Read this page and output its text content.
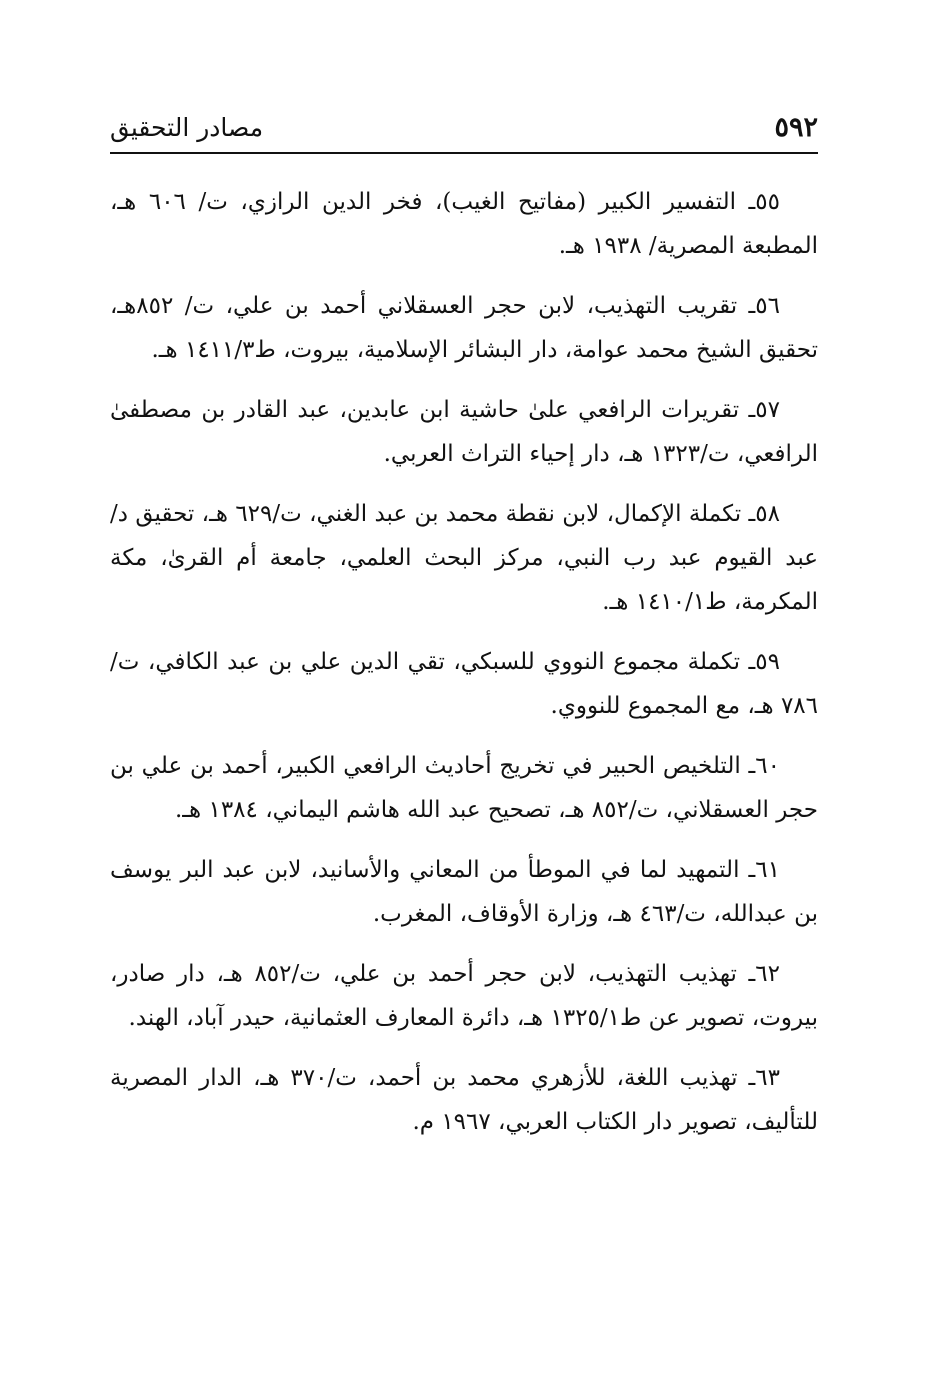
٥٩٢
مصادر التحقيق

٥٥ـ التفسير الكبير (مفاتيح الغيب)، فخر الدين الرازي، ت/ ٦٠٦ هـ، المطبعة المصرية/ ١٩٣٨ هـ.

٥٦ـ تقريب التهذيب، لابن حجر العسقلاني أحمد بن علي، ت/ ٨٥٢هـ، تحقيق الشيخ محمد عوامة، دار البشائر الإسلامية، بيروت، ط١٤١١/٣ هـ.

٥٧ـ تقريرات الرافعي علىٰ حاشية ابن عابدين، عبد القادر بن مصطفىٰ الرافعي، ت/١٣٢٣ هـ، دار إحياء التراث العربي.

٥٨ـ تكملة الإكمال، لابن نقطة محمد بن عبد الغني، ت/٦٢٩ هـ، تحقيق د/ عبد القيوم عبد رب النبي، مركز البحث العلمي، جامعة أم القرىٰ، مكة المكرمة، ط١٤١٠/١ هـ.

٥٩ـ تكملة مجموع النووي للسبكي، تقي الدين علي بن عبد الكافي، ت/٧٨٦ هـ، مع المجموع للنووي.

٦٠ـ التلخيص الحبير في تخريج أحاديث الرافعي الكبير، أحمد بن علي بن حجر العسقلاني، ت/٨٥٢ هـ، تصحيح عبد الله هاشم اليماني، ١٣٨٤ هـ.

٦١ـ التمهيد لما في الموطأ من المعاني والأسانيد، لابن عبد البر يوسف بن عبدالله، ت/٤٦٣ هـ، وزارة الأوقاف، المغرب.

٦٢ـ تهذيب التهذيب، لابن حجر أحمد بن علي، ت/٨٥٢ هـ، دار صادر، بيروت، تصوير عن ط١٣٢٥/١ هـ، دائرة المعارف العثمانية، حيدر آباد، الهند.

٦٣ـ تهذيب اللغة، للأزهري محمد بن أحمد، ت/٣٧٠ هـ، الدار المصرية للتأليف، تصوير دار الكتاب العربي، ١٩٦٧ م.
